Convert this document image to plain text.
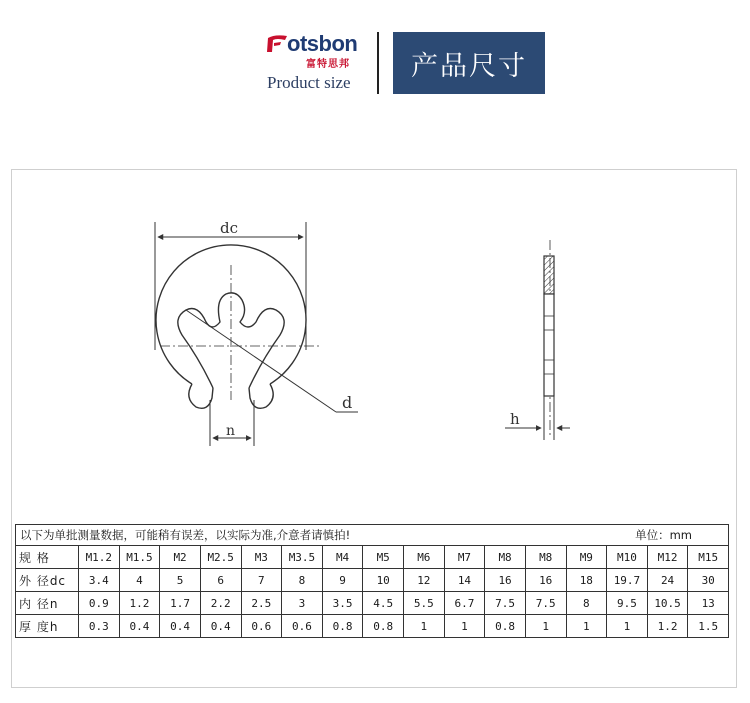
otsbon
富特思邦
Product size
产品尺寸
dc
d
n
h
以下为单批测量数据，可能稍有误差，以实际为准,介意者请慎拍! 单位：mm																

规 格	M1.2	M1.5	M2	M2.5	M3	M3.5	M4	M5	M6	M7	M8	M8	M9	M10	M12	M15
外 径dc	3.4	4	5	6	7	8	9	10	12	14	16	16	18	19.7	24	30
内 径n	0.9	1.2	1.7	2.2	2.5	3	3.5	4.5	5.5	6.7	7.5	7.5	8	9.5	10.5	13
厚 度h	0.3	0.4	0.4	0.4	0.6	0.6	0.8	0.8	1	1	0.8	1	1	1	1.2	1.5
